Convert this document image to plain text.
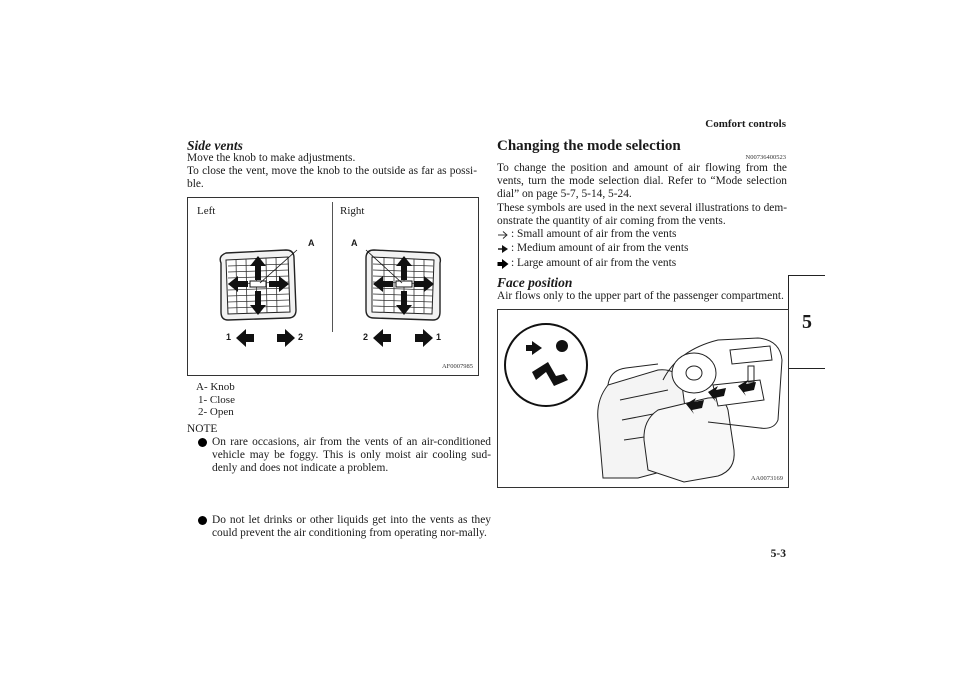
Comfort controls
5
Side vents
Move the knob to make adjustments.
To close the vent, move the knob to the outside as far as possi-ble.
Left	Right
A	A
1	2	2	1
AF0007985
A- Knob
1- Close
2- Open
NOTE
On rare occasions, air from the vents of an air-conditioned vehicle may be foggy. This is only moist air cooling sud-denly and does not indicate a problem.
Do not let drinks or other liquids get into the vents as they could prevent the air conditioning from operating nor-mally.
Changing the mode selection
N00736400523
To change the position and amount of air flowing from the vents, turn the mode selection dial. Refer to “Mode selection dial” on page 5-7, 5-14, 5-24.
These symbols are used in the next several illustrations to dem-onstrate the quantity of air coming from the vents.
: Small amount of air from the vents
: Medium amount of air from the vents
: Large amount of air from the vents
Face position
Air flows only to the upper part of the passenger compartment.
AA0073169
5-3
